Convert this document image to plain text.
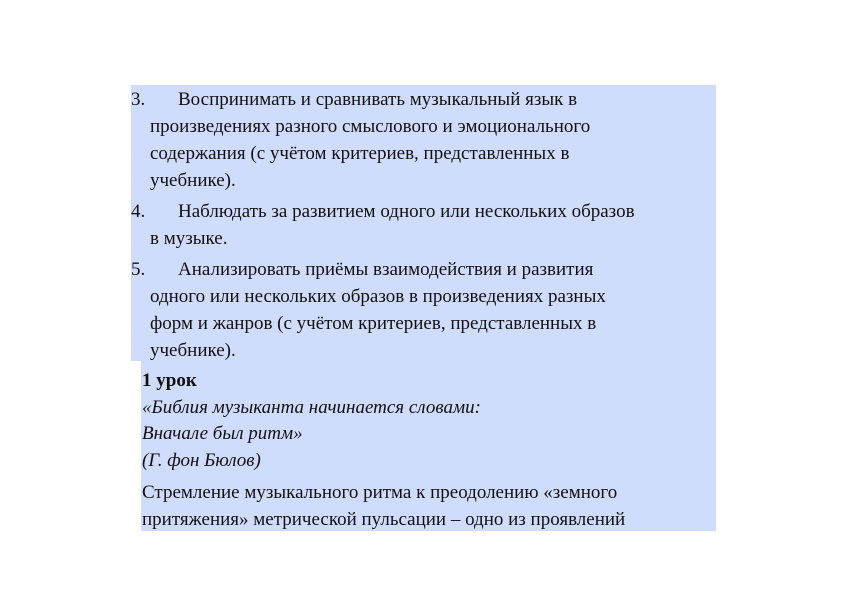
3.	Воспринимать и сравнивать музыкальный язык в
произведениях разного смыслового и эмоционального
содержания (с учётом критериев, представленных в
учебнике).
4.	Наблюдать за развитием одного или нескольких образов
в музыке.
5.	Анализировать приёмы взаимодействия и развития
одного или нескольких образов в произведениях разных
форм и жанров (с учётом критериев, представленных в
учебнике).
1 урок
«Библия музыканта начинается словами:
Вначале был ритм»
(Г. фон Бюлов)
Стремление музыкального ритма к преодолению «земного
притяжения» метрической пульсации – одно из проявлений
